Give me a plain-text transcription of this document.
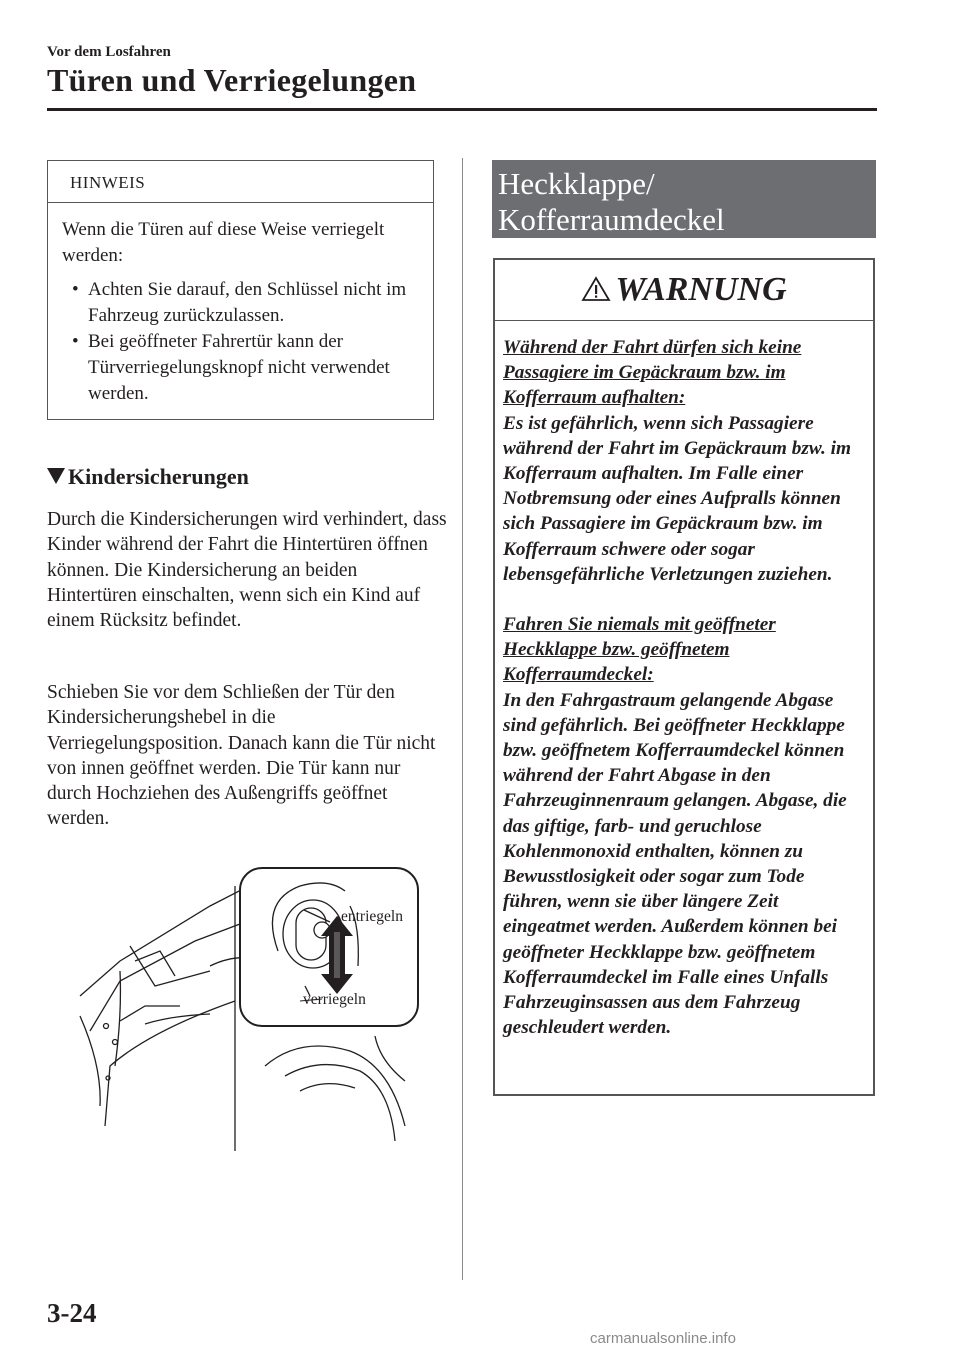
Vor dem Losfahren
Türen und Verriegelungen
HINWEIS

Wenn die Türen auf diese Weise verriegelt werden:

• Achten Sie darauf, den Schlüssel nicht im Fahrzeug zurückzulassen.
• Bei geöffneter Fahrertür kann der Türverriegelungsknopf nicht verwendet werden.
Kindersicherungen

Durch die Kindersicherungen wird verhindert, dass Kinder während der Fahrt die Hintertüren öffnen können. Die Kindersicherung an beiden Hintertüren einschalten, wenn sich ein Kind auf einem Rücksitz befindet.

Schieben Sie vor dem Schließen der Tür den Kindersicherungshebel in die Verriegelungsposition. Danach kann die Tür nicht von innen geöffnet werden. Die Tür kann nur durch Hochziehen des Außengriffs geöffnet werden.

entriegeln
verriegeln
Heckklappe/
Kofferraumdeckel
WARNUNG

Während der Fahrt dürfen sich keine Passagiere im Gepäckraum bzw. im Kofferraum aufhalten:

Es ist gefährlich, wenn sich Passagiere während der Fahrt im Gepäckraum bzw. im Kofferraum aufhalten. Im Falle einer Notbremsung oder eines Aufpralls können sich Passagiere im Gepäckraum bzw. im Kofferraum schwere oder sogar lebensgefährliche Verletzungen zuziehen.

Fahren Sie niemals mit geöffneter Heckklappe bzw. geöffnetem Kofferraumdeckel:

In den Fahrgastraum gelangende Abgase sind gefährlich. Bei geöffneter Heckklappe bzw. geöffnetem Kofferraumdeckel können während der Fahrt Abgase in den Fahrzeuginnenraum gelangen. Abgase, die das giftige, farb- und geruchlose Kohlenmonoxid enthalten, können zu Bewusstlosigkeit oder sogar zum Tode führen, wenn sie über längere Zeit eingeatmet werden. Außerdem können bei geöffneter Heckklappe bzw. geöffnetem Kofferraumdeckel im Falle eines Unfalls Fahrzeuginsassen aus dem Fahrzeug geschleudert werden.

3-24
carmanualsonline.info
